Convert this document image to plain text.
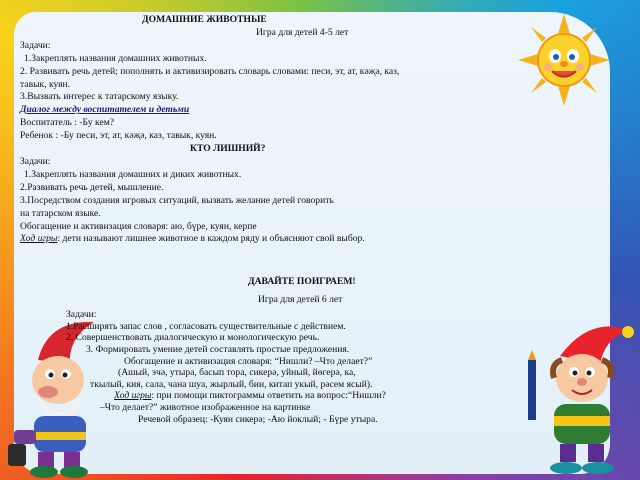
ДОМАШНИЕ ЖИВОТНЫЕ
Игра для детей 4-5 лет
Задачи:
1.Закреплять названия домашних животных.
2. Развивать речь детей; пополнять и активизировать словарь словами: песи, эт, ат, кәҗә, каз,
тавык, куян.
3.Вызвать интерес к татарскому языку.
Диалог между воспитателем и детьми
Воспитатель : -Бу кем?
Ребенок : -Бу песи, эт, ат, кәҗә, каз, тавык, куян.
КТО ЛИШНИЙ?
Задачи:
1.Закреплять названия домашних и диких животных.
2.Развивать речь детей, мышление.
3.Посредством создания игровых ситуаций, вызвать желание детей говорить
на татарском языке.
Обогащение и активизация словаря: аю, бүре, куян, керпе
Ход игры: дети называют лишнее животное в каждом ряду и объясняют свой выбор.
ДАВАЙТЕ ПОИГРАЕМ!
Игра для детей 6 лет
Задачи:
1.Расширять запас слов , согласовать существительные с действием.
2. Совершенствовать диалогическую и монологическую речь.
3. Формировать умение детей составлять простые предложения.
Обогащение и активизация словаря: “Нишли? –Что делает?”
(Ашый, эчә, утыра, басып тора, сикерә, уйный, йөгерә, ка,
ткылый, кия, сала, чана шуа, жырлый, бии, китап укый, рәсем ясый).
Ход игры: при помощи пиктограммы ответить на вопрос:“Нишли?
–Что делает?” животное изображенное на картинке
Речевой образец: -Куян сикерә; -Аю йоклый; - Бүре утыра.
